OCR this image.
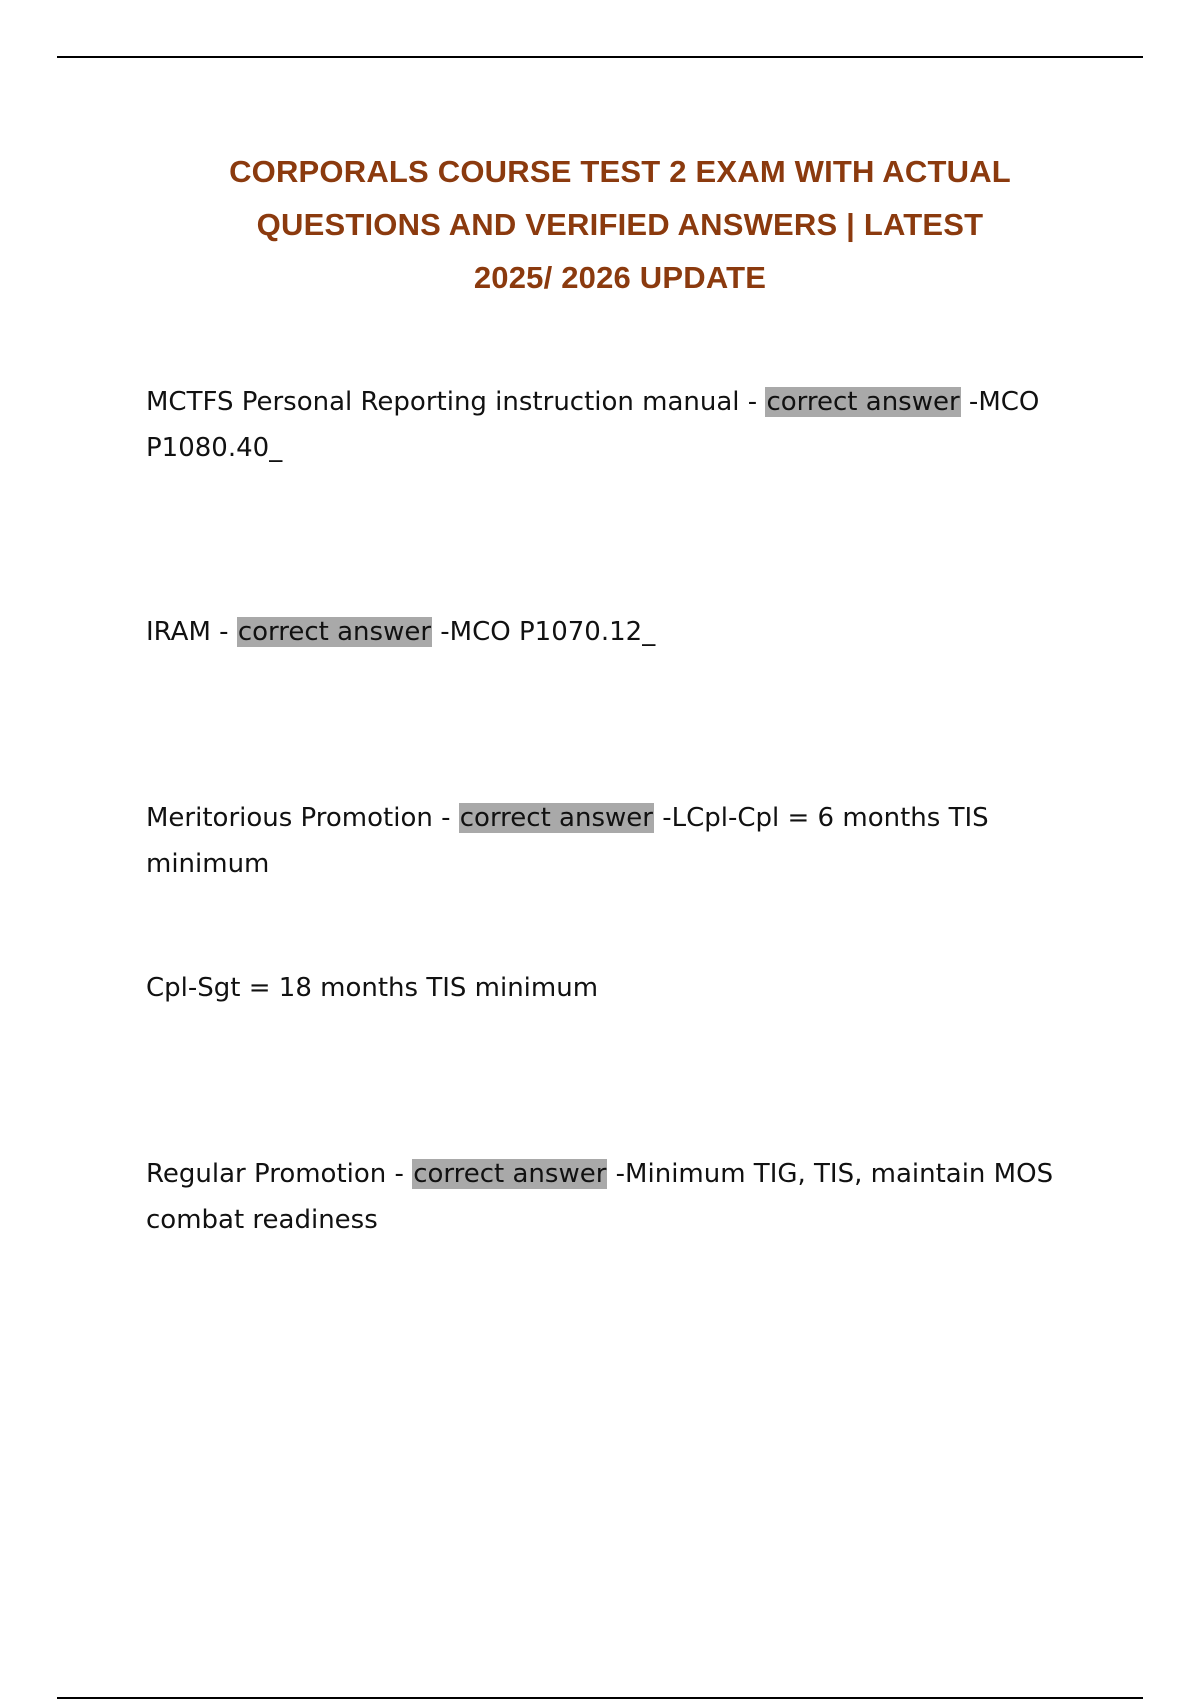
CORPORALS COURSE TEST 2 EXAM WITH ACTUAL
QUESTIONS AND VERIFIED ANSWERS | LATEST
2025/ 2026 UPDATE
MCTFS Personal Reporting instruction manual - correct answer -MCO
P1080.40_
IRAM - correct answer -MCO P1070.12_
Meritorious Promotion - correct answer -LCpl-Cpl = 6 months TIS
minimum
Cpl-Sgt = 18 months TIS minimum
Regular Promotion - correct answer -Minimum TIG, TIS, maintain MOS
combat readiness
